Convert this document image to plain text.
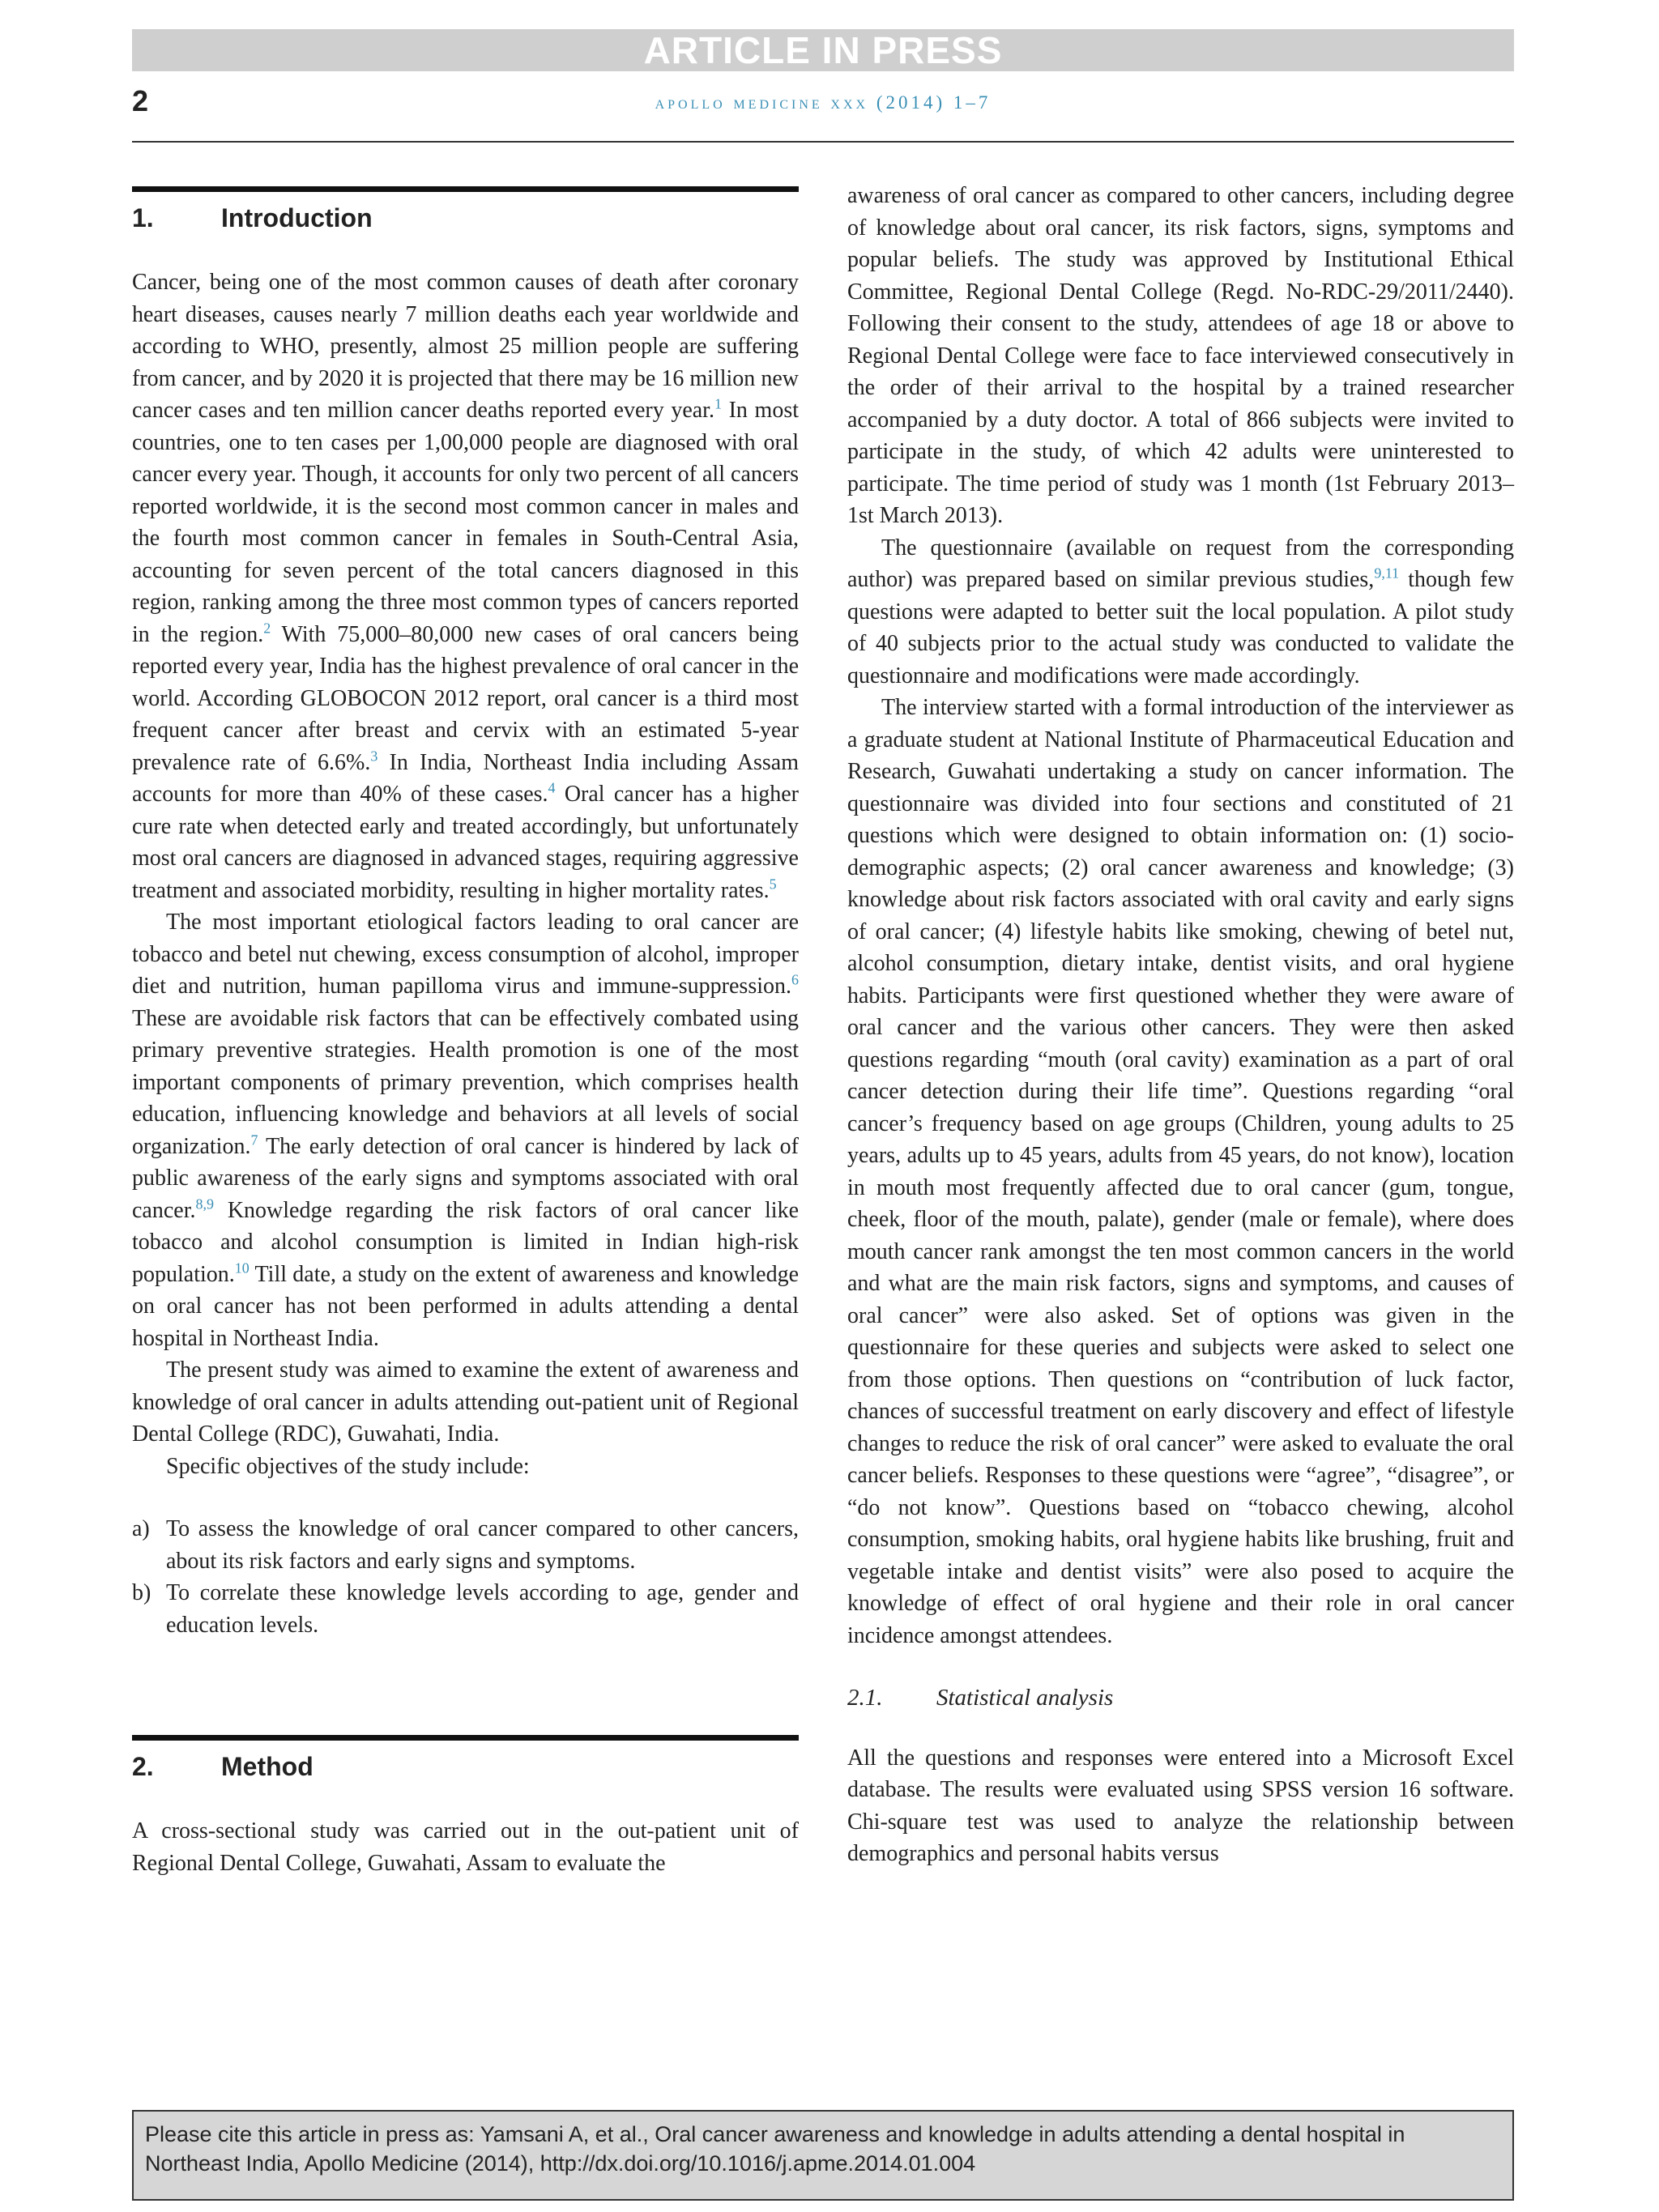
ARTICLE IN PRESS
2	apollo medicine xxx (2014) 1–7
1.	Introduction

Cancer, being one of the most common causes of death after coronary heart diseases, causes nearly 7 million deaths each year worldwide and according to WHO, presently, almost 25 million people are suffering from cancer, and by 2020 it is projected that there may be 16 million new cancer cases and ten million cancer deaths reported every year.$^1$ In most countries, one to ten cases per 1,00,000 people are diagnosed with oral cancer every year. Though, it accounts for only two percent of all cancers reported worldwide, it is the second most common cancer in males and the fourth most common cancer in females in South-Central Asia, accounting for seven percent of the total cancers diagnosed in this region, ranking among the three most common types of cancers reported in the region.$^2$ With 75,000–80,000 new cases of oral cancers being reported every year, India has the highest prevalence of oral cancer in the world. According GLOBOCON 2012 report, oral cancer is a third most frequent cancer after breast and cervix with an estimated 5-year prevalence rate of 6.6%.$^3$ In India, Northeast India including Assam accounts for more than 40% of these cases.$^4$ Oral cancer has a higher cure rate when detected early and treated accordingly, but unfortunately most oral cancers are diagnosed in advanced stages, requiring aggressive treatment and associated morbidity, resulting in higher mortality rates.$^5$

The most important etiological factors leading to oral cancer are tobacco and betel nut chewing, excess consumption of alcohol, improper diet and nutrition, human papilloma virus and immune-suppression.$^6$ These are avoidable risk factors that can be effectively combated using primary preventive strategies. Health promotion is one of the most important components of primary prevention, which comprises health education, influencing knowledge and behaviors at all levels of social organization.$^7$ The early detection of oral cancer is hindered by lack of public awareness of the early signs and symptoms associated with oral cancer.$^{8,9}$ Knowledge regarding the risk factors of oral cancer like tobacco and alcohol consumption is limited in Indian high-risk population.$^{10}$ Till date, a study on the extent of awareness and knowledge on oral cancer has not been performed in adults attending a dental hospital in Northeast India.

The present study was aimed to examine the extent of awareness and knowledge of oral cancer in adults attending out-patient unit of Regional Dental College (RDC), Guwahati, India.

Specific objectives of the study include:

a) To assess the knowledge of oral cancer compared to other cancers, about its risk factors and early signs and symptoms.
b) To correlate these knowledge levels according to age, gender and education levels.
2.	Method

A cross-sectional study was carried out in the out-patient unit of Regional Dental College, Guwahati, Assam to evaluate the

awareness of oral cancer as compared to other cancers, including degree of knowledge about oral cancer, its risk factors, signs, symptoms and popular beliefs. The study was approved by Institutional Ethical Committee, Regional Dental College (Regd. No-RDC-29/2011/2440). Following their consent to the study, attendees of age 18 or above to Regional Dental College were face to face interviewed consecutively in the order of their arrival to the hospital by a trained researcher accompanied by a duty doctor. A total of 866 subjects were invited to participate in the study, of which 42 adults were uninterested to participate. The time period of study was 1 month (1st February 2013–1st March 2013).

The questionnaire (available on request from the corresponding author) was prepared based on similar previous studies,$^{9,11}$ though few questions were adapted to better suit the local population. A pilot study of 40 subjects prior to the actual study was conducted to validate the questionnaire and modifications were made accordingly.

The interview started with a formal introduction of the interviewer as a graduate student at National Institute of Pharmaceutical Education and Research, Guwahati undertaking a study on cancer information. The questionnaire was divided into four sections and constituted of 21 questions which were designed to obtain information on: (1) socio-demographic aspects; (2) oral cancer awareness and knowledge; (3) knowledge about risk factors associated with oral cavity and early signs of oral cancer; (4) lifestyle habits like smoking, chewing of betel nut, alcohol consumption, dietary intake, dentist visits, and oral hygiene habits. Participants were first questioned whether they were aware of oral cancer and the various other cancers. They were then asked questions regarding “mouth (oral cavity) examination as a part of oral cancer detection during their life time”. Questions regarding “oral cancer’s frequency based on age groups (Children, young adults to 25 years, adults up to 45 years, adults from 45 years, do not know), location in mouth most frequently affected due to oral cancer (gum, tongue, cheek, floor of the mouth, palate), gender (male or female), where does mouth cancer rank amongst the ten most common cancers in the world and what are the main risk factors, signs and symptoms, and causes of oral cancer” were also asked. Set of options was given in the questionnaire for these queries and subjects were asked to select one from those options. Then questions on “contribution of luck factor, chances of successful treatment on early discovery and effect of lifestyle changes to reduce the risk of oral cancer” were asked to evaluate the oral cancer beliefs. Responses to these questions were “agree”, “disagree”, or “do not know”. Questions based on “tobacco chewing, alcohol consumption, smoking habits, oral hygiene habits like brushing, fruit and vegetable intake and dentist visits” were also posed to acquire the knowledge of effect of oral hygiene and their role in oral cancer incidence amongst attendees.

2.1.	Statistical analysis

All the questions and responses were entered into a Microsoft Excel database. The results were evaluated using SPSS version 16 software. Chi-square test was used to analyze the relationship between demographics and personal habits versus

Please cite this article in press as: Yamsani A, et al., Oral cancer awareness and knowledge in adults attending a dental hospital in Northeast India, Apollo Medicine (2014), http://dx.doi.org/10.1016/j.apme.2014.01.004
